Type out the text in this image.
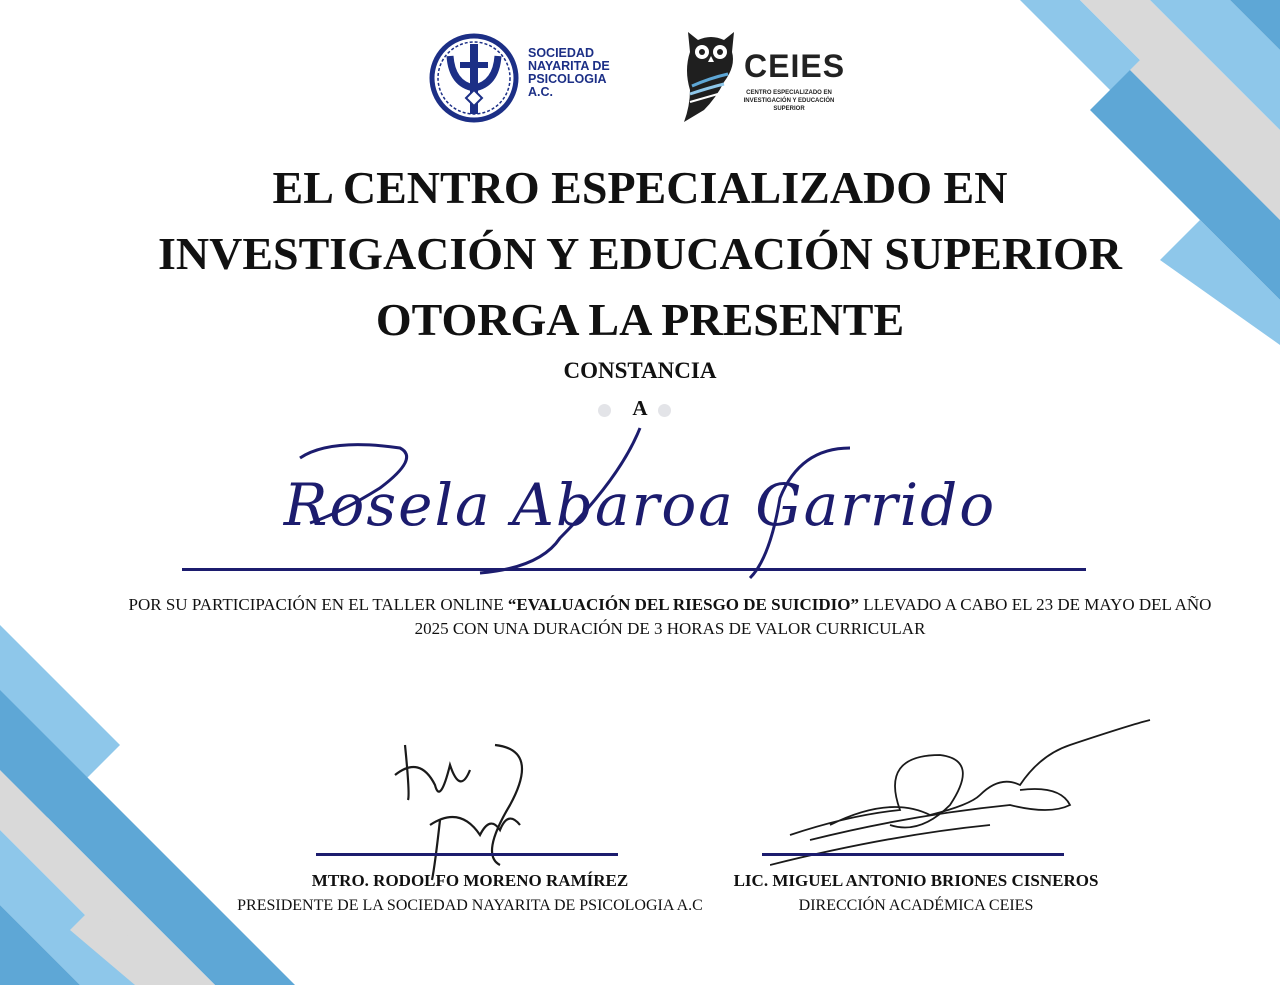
SOCIEDAD
NAYARITA DE
PSICOLOGIA
A.C.
CEIES
CENTRO ESPECIALIZADO EN INVESTIGACIÓN Y EDUCACIÓN SUPERIOR
EL CENTRO ESPECIALIZADO EN
INVESTIGACIÓN Y EDUCACIÓN SUPERIOR
OTORGA LA PRESENTE
CONSTANCIA
A
Rosela Abaroa Garrido
POR SU PARTICIPACIÓN EN EL TALLER ONLINE “EVALUACIÓN DEL RIESGO DE SUICIDIO” LLEVADO A CABO EL 23 DE MAYO DEL AÑO 2025 CON UNA DURACIÓN DE 3 HORAS DE VALOR CURRICULAR
MTRO. RODOLFO MORENO RAMÍREZ
PRESIDENTE DE LA SOCIEDAD NAYARITA DE PSICOLOGIA A.C
LIC. MIGUEL ANTONIO BRIONES CISNEROS
DIRECCIÓN ACADÉMICA CEIES
